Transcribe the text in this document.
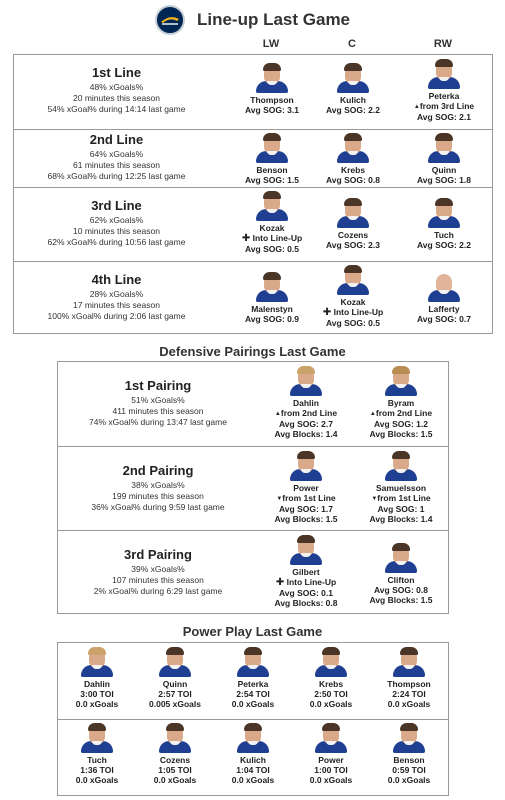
Line-up Last Game
LW	C	RW
1st Line
48% xGoals%
20 minutes this season
54% xGoal% during 14:14 last game
Thompson
Avg SOG: 3.1
Kulich
Avg SOG: 2.2
Peterka
▲from 3rd Line
Avg SOG: 2.1
2nd Line
64% xGoals%
61 minutes this season
68% xGoal% during 12:25 last game
Benson
Avg SOG: 1.5
Krebs
Avg SOG: 0.8
Quinn
Avg SOG: 1.8
3rd Line
62% xGoals%
10 minutes this season
62% xGoal% during 10:56 last game
Kozak
✚ Into Line-Up
Avg SOG: 0.5
Cozens
Avg SOG: 2.3
Tuch
Avg SOG: 2.2
4th Line
28% xGoals%
17 minutes this season
100% xGoal% during 2:06 last game
Malenstyn
Avg SOG: 0.9
Kozak
✚ Into Line-Up
Avg SOG: 0.5
Lafferty
Avg SOG: 0.7
Defensive Pairings Last Game
1st Pairing
51% xGoals%
411 minutes this season
74% xGoal% during 13:47 last game
Dahlin
▲from 2nd Line
Avg SOG: 2.7
Avg Blocks: 1.4
Byram
▲from 2nd Line
Avg SOG: 1.2
Avg Blocks: 1.5
2nd Pairing
38% xGoals%
199 minutes this season
36% xGoal% during 9:59 last game
Power
▼from 1st Line
Avg SOG: 1.7
Avg Blocks: 1.5
Samuelsson
▼from 1st Line
Avg SOG: 1
Avg Blocks: 1.4
3rd Pairing
39% xGoals%
107 minutes this season
2% xGoal% during 6:29 last game
Gilbert
✚ Into Line-Up
Avg SOG: 0.1
Avg Blocks: 0.8
Clifton
Avg SOG: 0.8
Avg Blocks: 1.5
Power Play Last Game
Dahlin
3:00 TOI
0.0 xGoals
Quinn
2:57 TOI
0.005 xGoals
Peterka
2:54 TOI
0.0 xGoals
Krebs
2:50 TOI
0.0 xGoals
Thompson
2:24 TOI
0.0 xGoals
Tuch
1:36 TOI
0.0 xGoals
Cozens
1:05 TOI
0.0 xGoals
Kulich
1:04 TOI
0.0 xGoals
Power
1:00 TOI
0.0 xGoals
Benson
0:59 TOI
0.0 xGoals
